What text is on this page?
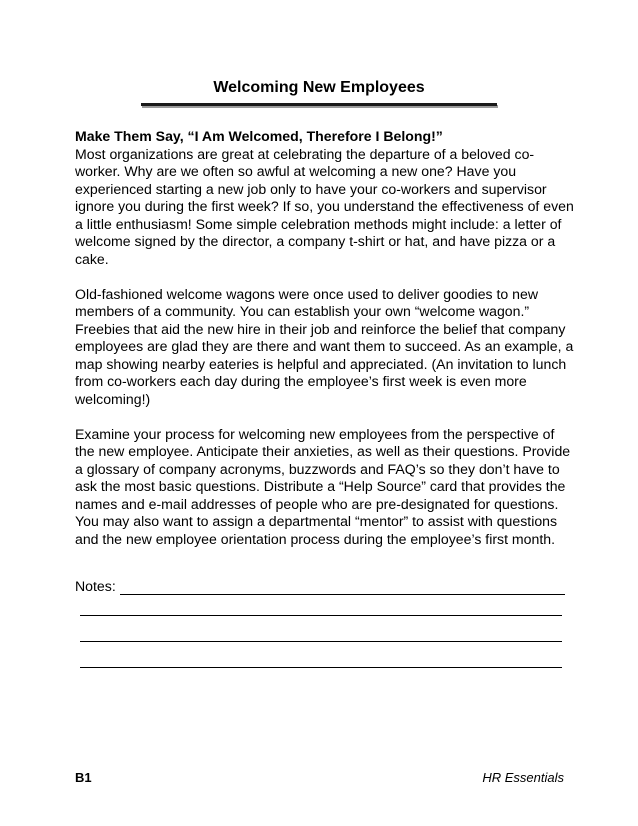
Welcoming New Employees

Make Them Say, “I Am Welcomed, Therefore I Belong!”

Most organizations are great at celebrating the departure of a beloved co-worker. Why are we often so awful at welcoming a new one? Have you experienced starting a new job only to have your co-workers and supervisor ignore you during the first week? If so, you understand the effectiveness of even a little enthusiasm! Some simple celebration methods might include: a letter of welcome signed by the director, a company t-shirt or hat, and have pizza or a cake.

Old-fashioned welcome wagons were once used to deliver goodies to new members of a community. You can establish your own “welcome wagon.” Freebies that aid the new hire in their job and reinforce the belief that company employees are glad they are there and want them to succeed. As an example, a map showing nearby eateries is helpful and appreciated. (An invitation to lunch from co-workers each day during the employee’s first week is even more welcoming!)

Examine your process for welcoming new employees from the perspective of the new employee. Anticipate their anxieties, as well as their questions. Provide a glossary of company acronyms, buzzwords and FAQ’s so they don’t have to ask the most basic questions. Distribute a “Help Source” card that provides the names and e-mail addresses of people who are pre-designated for questions. You may also want to assign a departmental “mentor” to assist with questions and the new employee orientation process during the employee’s first month.

Notes:
B1	HR Essentials
